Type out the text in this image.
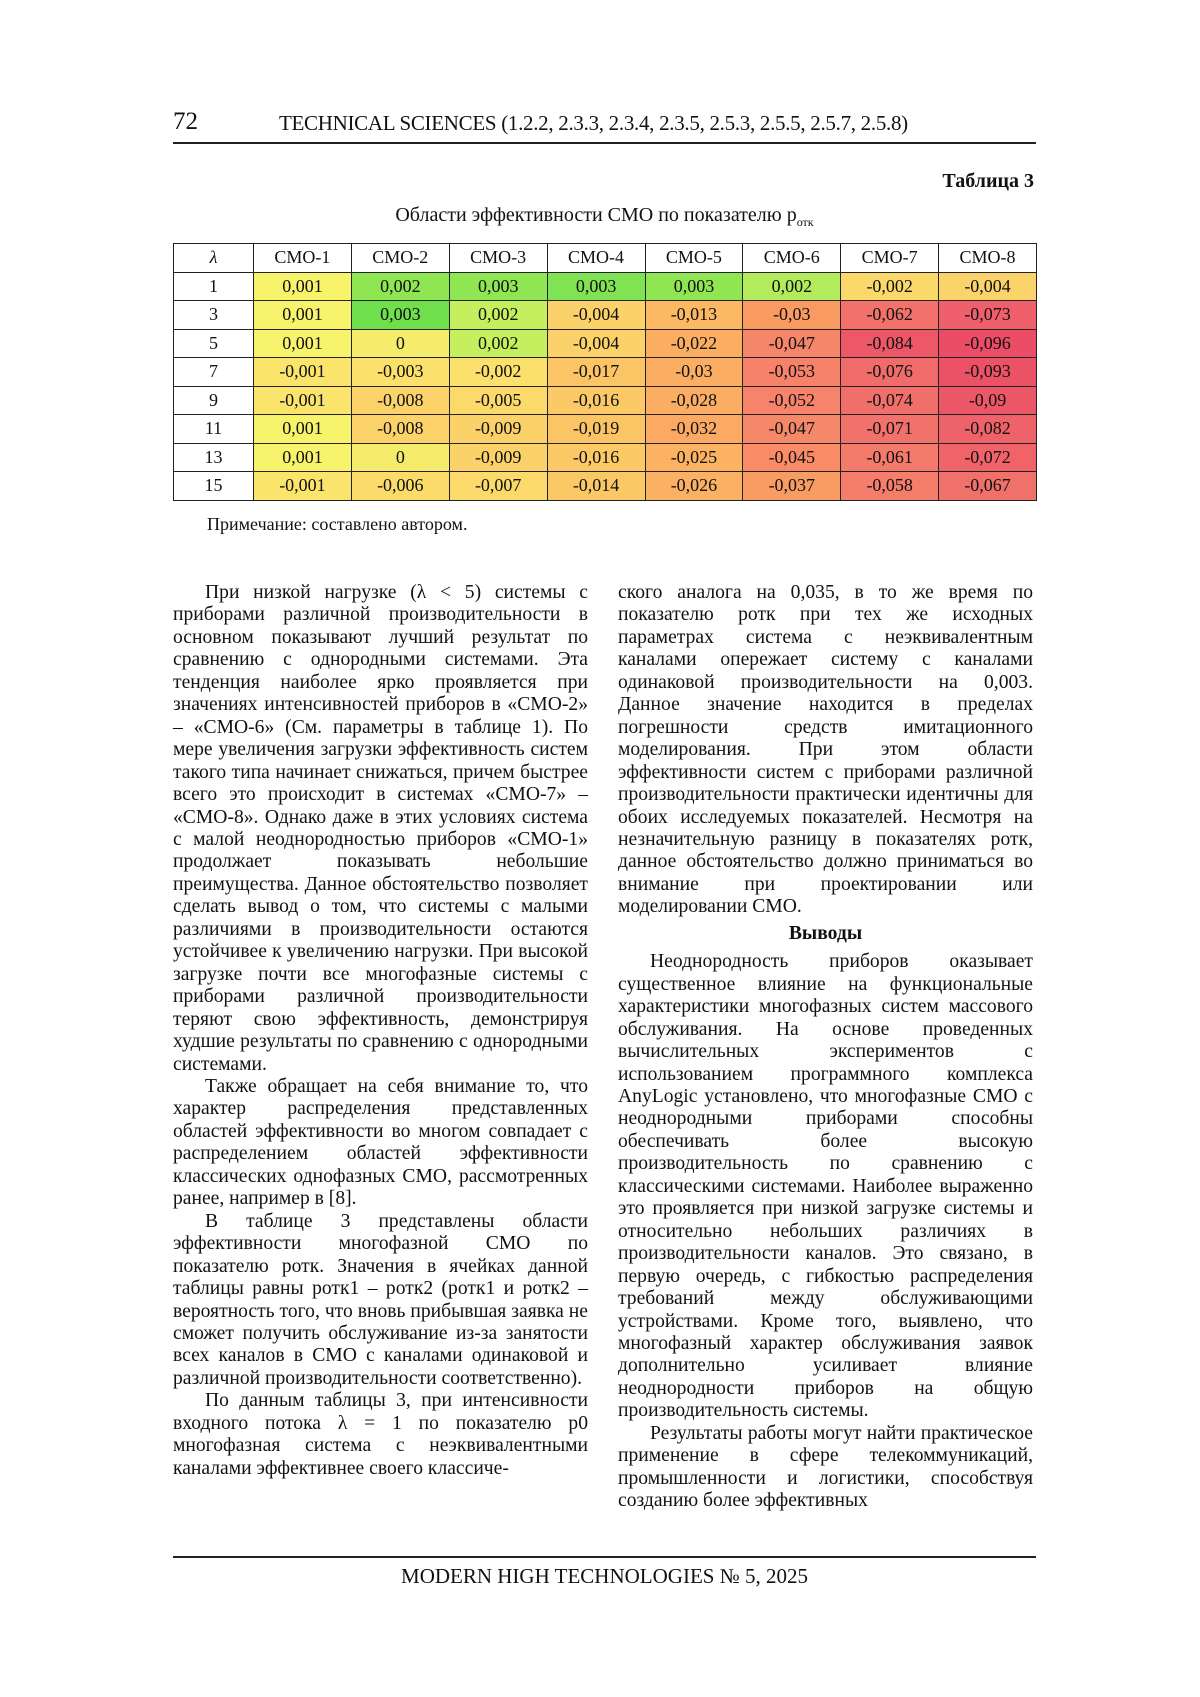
72	TECHNICAL SCIENCES (1.2.2, 2.3.3, 2.3.4, 2.3.5, 2.5.3, 2.5.5, 2.5.7, 2.5.8)
Таблица 3
Области эффективности СМО по показателю $p_{отк}$
λ	СМО-1	СМО-2	СМО-3	СМО-4	СМО-5	СМО-6	СМО-7	СМО-8
1	0,001	0,002	0,003	0,003	0,003	0,002	-0,002	-0,004
3	0,001	0,003	0,002	-0,004	-0,013	-0,03	-0,062	-0,073
5	0,001	0	0,002	-0,004	-0,022	-0,047	-0,084	-0,096
7	-0,001	-0,003	-0,002	-0,017	-0,03	-0,053	-0,076	-0,093
9	-0,001	-0,008	-0,005	-0,016	-0,028	-0,052	-0,074	-0,09
11	0,001	-0,008	-0,009	-0,019	-0,032	-0,047	-0,071	-0,082
13	0,001	0	-0,009	-0,016	-0,025	-0,045	-0,061	-0,072
15	-0,001	-0,006	-0,007	-0,014	-0,026	-0,037	-0,058	-0,067
Примечание: составлено автором.

При низкой нагрузке (λ < 5) системы с приборами различной производительности в основном показывают лучший результат по сравнению с однородными системами. Эта тенденция наиболее ярко проявляется при значениях интенсивностей приборов в «СМО-2» – «СМО-6» (См. параметры в таблице 1). По мере увеличения загрузки эффективность систем такого типа начинает снижаться, причем быстрее всего это происходит в системах «СМО-7» – «СМО-8». Однако даже в этих условиях система с малой неоднородностью приборов «СМО-1» продолжает показывать небольшие преимущества. Данное обстоятельство позволяет сделать вывод о том, что системы с малыми различиями в производительности остаются устойчивее к увеличению нагрузки. При высокой загрузке почти все многофазные системы с приборами различной производительности теряют свою эффективность, демонстрируя худшие результаты по сравнению с однородными системами.

Также обращает на себя внимание то, что характер распределения представленных областей эффективности во многом совпадает с распределением областей эффективности классических однофазных СМО, рассмотренных ранее, например в [8].

В таблице 3 представлены области эффективности многофазной СМО по показателю pотк. Значения в ячейках данной таблицы равны pотк1 – pотк2 (pотк1 и pотк2 – вероятность того, что вновь прибывшая заявка не сможет получить обслуживание из-за занятости всех каналов в СМО с каналами одинаковой и различной производительности соответственно).

По данным таблицы 3, при интенсивности входного потока λ = 1 по показателю p0 многофазная система с неэквивалентными каналами эффективнее своего классиче-

ского аналога на 0,035, в то же время по показателю pотк при тех же исходных параметрах система с неэквивалентным каналами опережает систему с каналами одинаковой производительности на 0,003. Данное значение находится в пределах погрешности средств имитационного моделирования. При этом области эффективности систем с приборами различной производительности практически идентичны для обоих исследуемых показателей. Несмотря на незначительную разницу в показателях pотк, данное обстоятельство должно приниматься во внимание при проектировании или моделировании СМО.

Выводы

Неоднородность приборов оказывает существенное влияние на функциональные характеристики многофазных систем массового обслуживания. На основе проведенных вычислительных экспериментов с использованием программного комплекса AnyLogic установлено, что многофазные СМО с неоднородными приборами способны обеспечивать более высокую производительность по сравнению с классическими системами. Наиболее выраженно это проявляется при низкой загрузке системы и относительно небольших различиях в производительности каналов. Это связано, в первую очередь, с гибкостью распределения требований между обслуживающими устройствами. Кроме того, выявлено, что многофазный характер обслуживания заявок дополнительно усиливает влияние неоднородности приборов на общую производительность системы.

Результаты работы могут найти практическое применение в сфере телекоммуникаций, промышленности и логистики, способствуя созданию более эффективных

MODERN HIGH TECHNOLOGIES № 5, 2025
